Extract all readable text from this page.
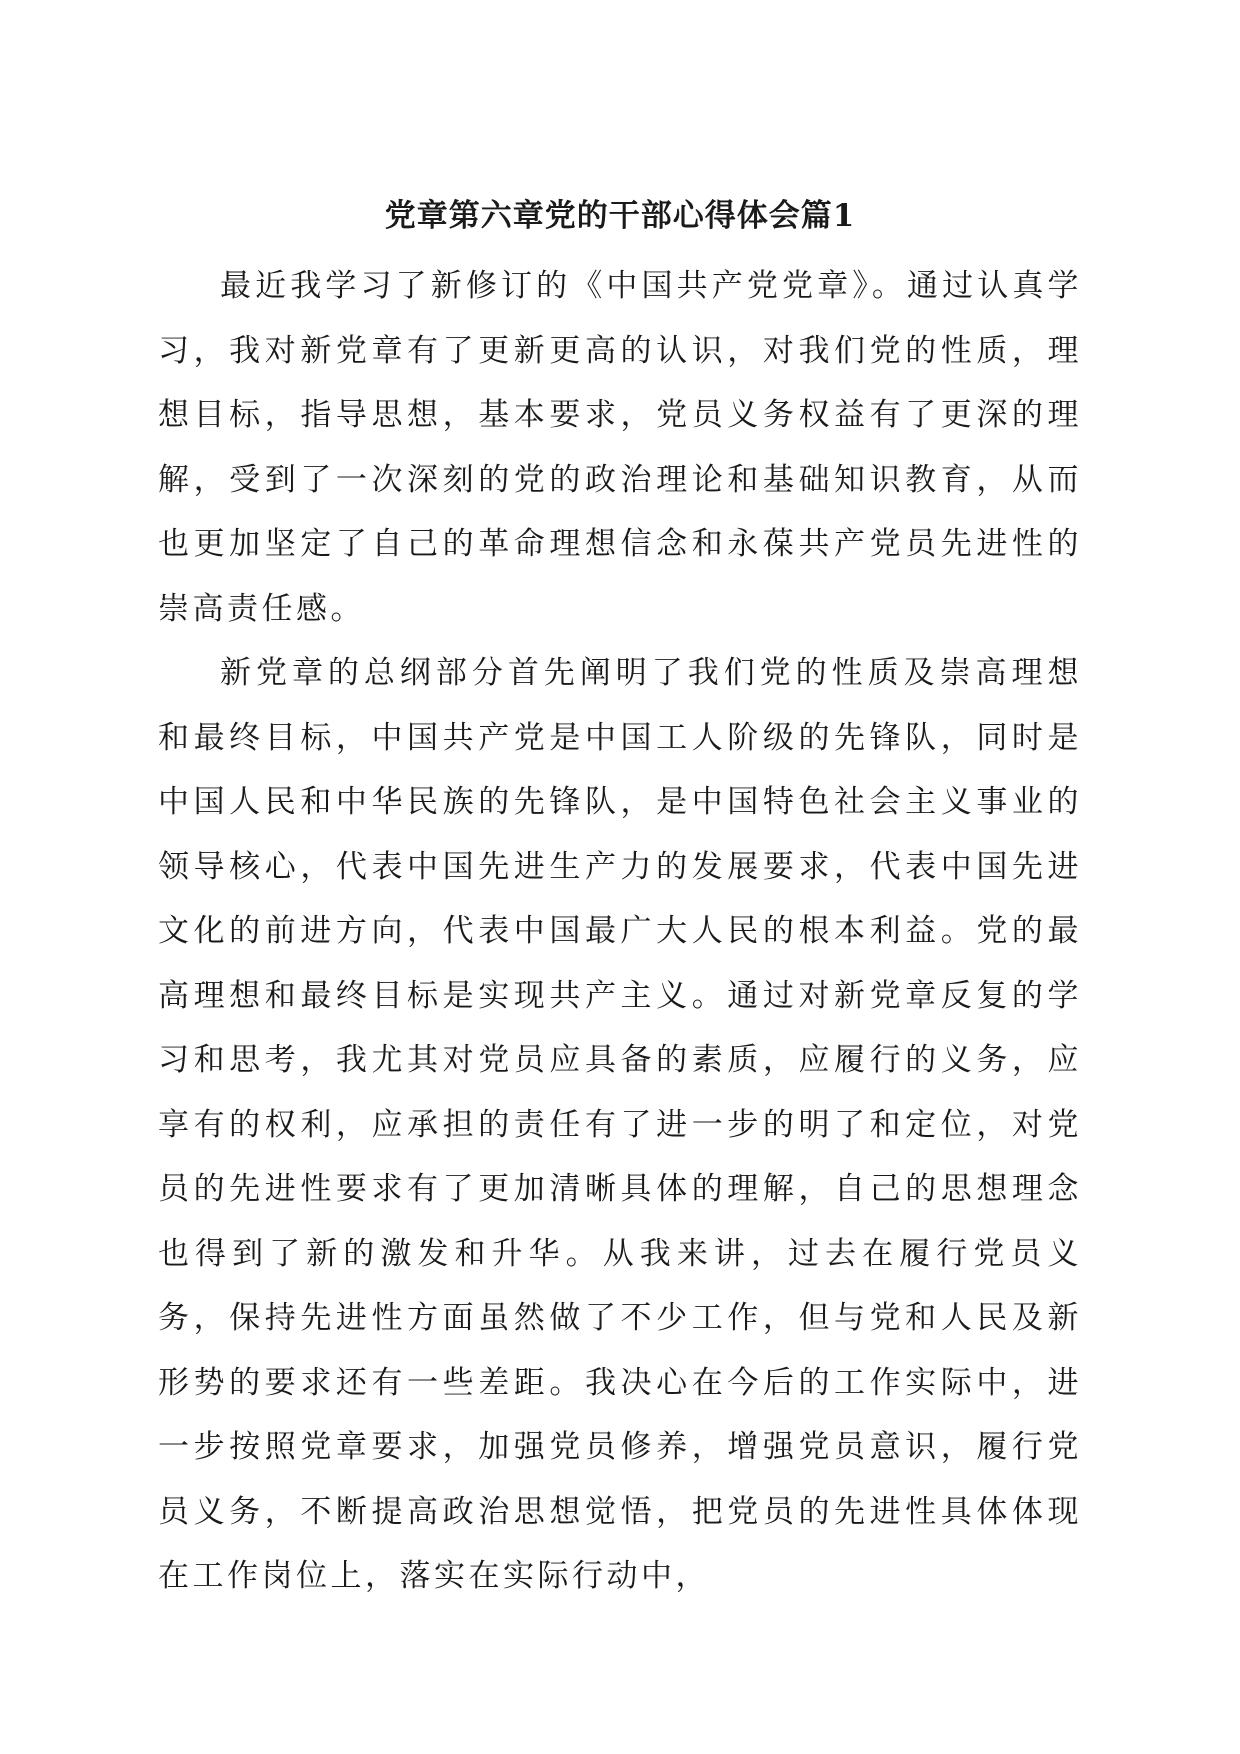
党章第六章党的干部心得体会篇1

最近我学习了新修订的《中国共产党党章》。通过认真学习，我对新党章有了更新更高的认识，对我们党的性质，理想目标，指导思想，基本要求，党员义务权益有了更深的理解，受到了一次深刻的党的政治理论和基础知识教育，从而也更加坚定了自己的革命理想信念和永葆共产党员先进性的崇高责任感。

新党章的总纲部分首先阐明了我们党的性质及崇高理想和最终目标，中国共产党是中国工人阶级的先锋队，同时是中国人民和中华民族的先锋队，是中国特色社会主义事业的领导核心，代表中国先进生产力的发展要求，代表中国先进文化的前进方向，代表中国最广大人民的根本利益。党的最高理想和最终目标是实现共产主义。通过对新党章反复的学习和思考，我尤其对党员应具备的素质，应履行的义务，应享有的权利，应承担的责任有了进一步的明了和定位，对党员的先进性要求有了更加清晰具体的理解，自己的思想理念也得到了新的激发和升华。从我来讲，过去在履行党员义务，保持先进性方面虽然做了不少工作，但与党和人民及新形势的要求还有一些差距。我决心在今后的工作实际中，进一步按照党章要求，加强党员修养，增强党员意识，履行党员义务，不断提高政治思想觉悟，把党员的先进性具体体现在工作岗位上，落实在实际行动中，
